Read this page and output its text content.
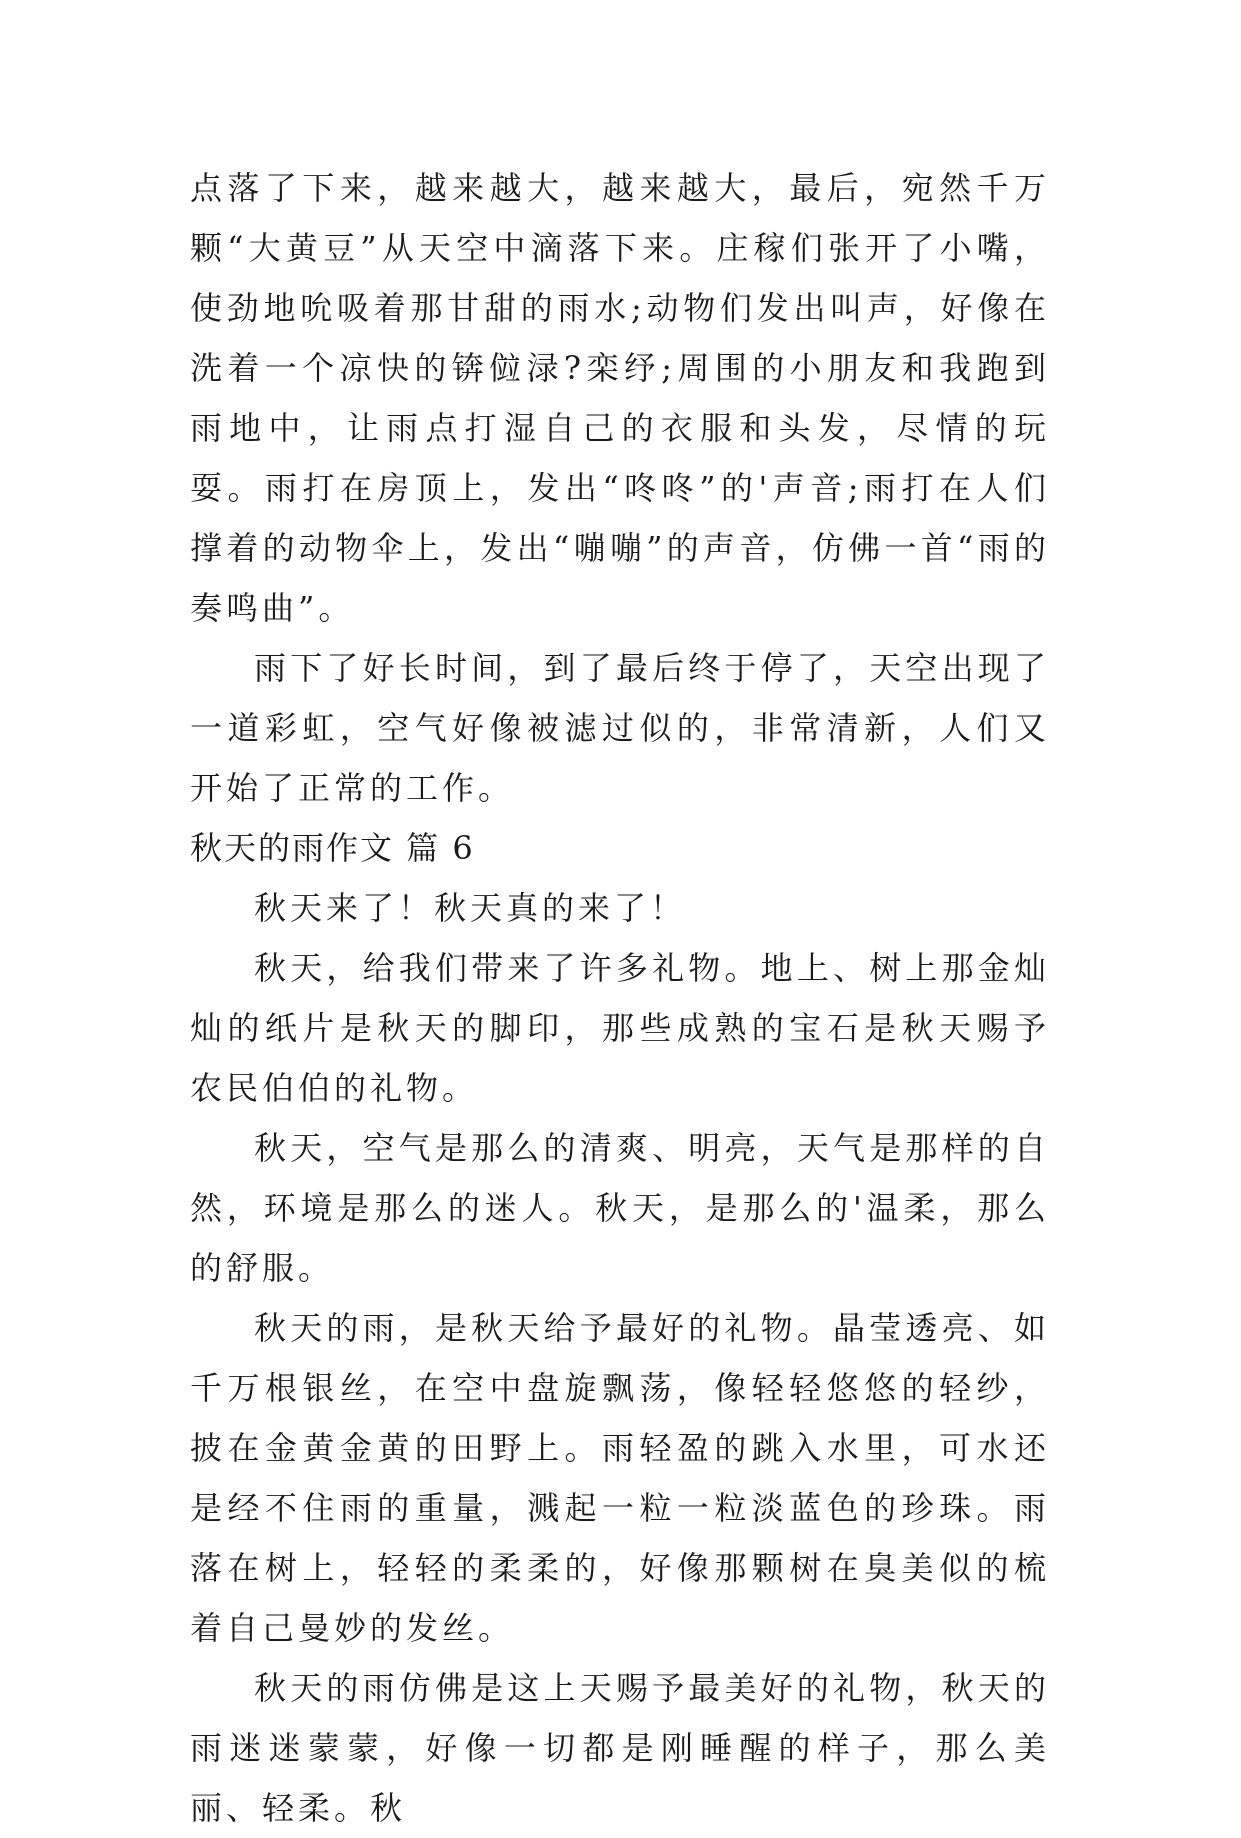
点落了下来，越来越大，越来越大，最后，宛然千万颗“大黄豆”从天空中滴落下来。庄稼们张开了小嘴，使劲地吮吸着那甘甜的雨水;动物们发出叫声，好像在洗着一个凉快的锛傡渌?栾纾;周围的小朋友和我跑到雨地中，让雨点打湿自己的衣服和头发，尽情的玩耍。雨打在房顶上，发出“咚咚”的'声音;雨打在人们撑着的动物伞上，发出“嘣嘣”的声音，仿佛一首“雨的奏鸣曲”。

雨下了好长时间，到了最后终于停了，天空出现了一道彩虹，空气好像被滤过似的，非常清新，人们又开始了正常的工作。

秋天的雨作文 篇 6

秋天来了！秋天真的来了！

秋天，给我们带来了许多礼物。地上、树上那金灿灿的纸片是秋天的脚印，那些成熟的宝石是秋天赐予农民伯伯的礼物。

秋天，空气是那么的清爽、明亮，天气是那样的自然，环境是那么的迷人。秋天，是那么的'温柔，那么的舒服。

秋天的雨，是秋天给予最好的礼物。晶莹透亮、如千万根银丝，在空中盘旋飘荡，像轻轻悠悠的轻纱，披在金黄金黄的田野上。雨轻盈的跳入水里，可水还是经不住雨的重量，溅起一粒一粒淡蓝色的珍珠。雨落在树上，轻轻的柔柔的，好像那颗树在臭美似的梳着自己曼妙的发丝。

秋天的雨仿佛是这上天赐予最美好的礼物，秋天的雨迷迷蒙蒙，好像一切都是刚睡醒的样子，那么美丽、轻柔。秋
